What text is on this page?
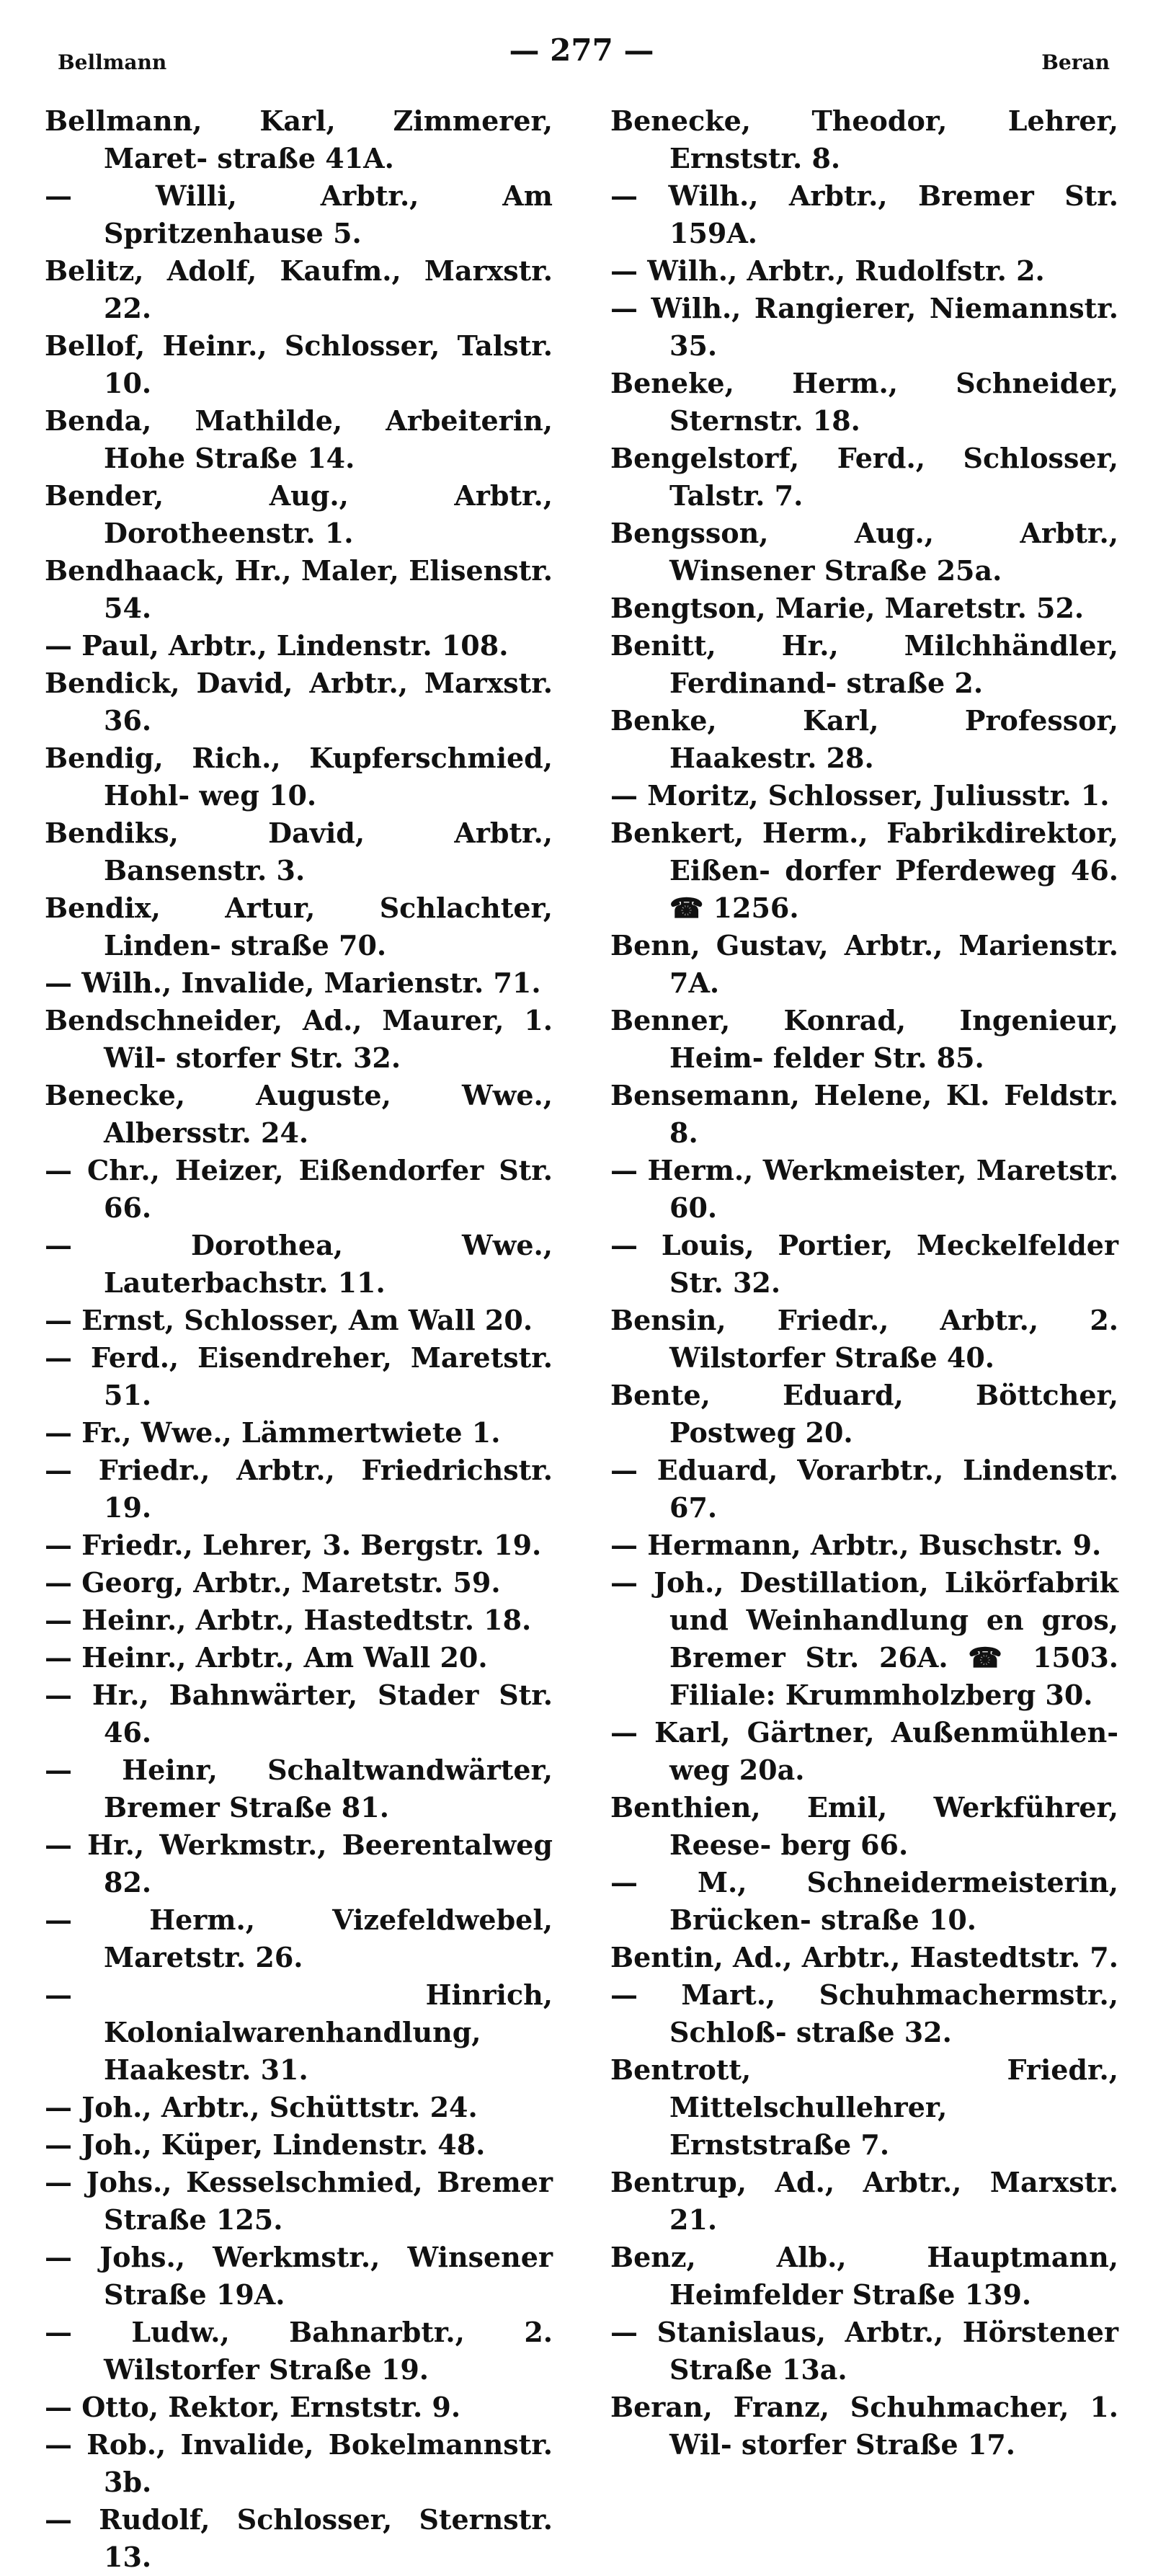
Bellmann	— 277 —	Beran

Bellmann, Karl, Zimmerer, Maret- straße 41A.

— Willi, Arbtr., Am Spritzenhause 5.

Belitz, Adolf, Kaufm., Marxstr. 22.

Bellof, Heinr., Schlosser, Talstr. 10.

Benda, Mathilde, Arbeiterin, Hohe Straße 14.

Bender, Aug., Arbtr., Dorotheenstr. 1.

Bendhaack, Hr., Maler, Elisenstr. 54.

— Paul, Arbtr., Lindenstr. 108.

Bendick, David, Arbtr., Marxstr. 36.

Bendig, Rich., Kupferschmied, Hohl- weg 10.

Bendiks, David, Arbtr., Bansenstr. 3.

Bendix, Artur, Schlachter, Linden- straße 70.

— Wilh., Invalide, Marienstr. 71.

Bendschneider, Ad., Maurer, 1. Wil- storfer Str. 32.

Benecke, Auguste, Wwe., Albersstr. 24.

— Chr., Heizer, Eißendorfer Str. 66.

— Dorothea, Wwe., Lauterbachstr. 11.

— Ernst, Schlosser, Am Wall 20.

— Ferd., Eisendreher, Maretstr. 51.

— Fr., Wwe., Lämmertwiete 1.

— Friedr., Arbtr., Friedrichstr. 19.

— Friedr., Lehrer, 3. Bergstr. 19.

— Georg, Arbtr., Maretstr. 59.

— Heinr., Arbtr., Hastedtstr. 18.

— Heinr., Arbtr., Am Wall 20.

— Hr., Bahnwärter, Stader Str. 46.

— Heinr, Schaltwandwärter, Bremer Straße 81.

— Hr., Werkmstr., Beerentalweg 82.

— Herm., Vizefeldwebel, Maretstr. 26.

— Hinrich, Kolonialwarenhandlung, Haakestr. 31.

— Joh., Arbtr., Schüttstr. 24.

— Joh., Küper, Lindenstr. 48.

— Johs., Kesselschmied, Bremer Straße 125.

— Johs., Werkmstr., Winsener Straße 19A.

— Ludw., Bahnarbtr., 2. Wilstorfer Straße 19.

— Otto, Rektor, Ernststr. 9.

— Rob., Invalide, Bokelmannstr. 3b.

— Rudolf, Schlosser, Sternstr. 13.

Benecke, Theodor, Lehrer, Ernststr. 8.

— Wilh., Arbtr., Bremer Str. 159A.

— Wilh., Arbtr., Rudolfstr. 2.

— Wilh., Rangierer, Niemannstr. 35.

Beneke, Herm., Schneider, Sternstr. 18.

Bengelstorf, Ferd., Schlosser, Talstr. 7.

Bengsson, Aug., Arbtr., Winsener Straße 25a.

Bengtson, Marie, Maretstr. 52.

Benitt, Hr., Milchhändler, Ferdinand- straße 2.

Benke, Karl, Professor, Haakestr. 28.

— Moritz, Schlosser, Juliusstr. 1.

Benkert, Herm., Fabrikdirektor, Eißen- dorfer Pferdeweg 46. ☎ 1256.

Benn, Gustav, Arbtr., Marienstr. 7A.

Benner, Konrad, Ingenieur, Heim- felder Str. 85.

Bensemann, Helene, Kl. Feldstr. 8.

— Herm., Werkmeister, Maretstr. 60.

— Louis, Portier, Meckelfelder Str. 32.

Bensin, Friedr., Arbtr., 2. Wilstorfer Straße 40.

Bente, Eduard, Böttcher, Postweg 20.

— Eduard, Vorarbtr., Lindenstr. 67.

— Hermann, Arbtr., Buschstr. 9.

— Joh., Destillation, Likörfabrik und Weinhandlung en gros, Bremer Str. 26A. ☎ 1503. Filiale: Krummholzberg 30.

— Karl, Gärtner, Außenmühlen- weg 20a.

Benthien, Emil, Werkführer, Reese- berg 66.

— M., Schneidermeisterin, Brücken- straße 10.

Bentin, Ad., Arbtr., Hastedtstr. 7.

— Mart., Schuhmachermstr., Schloß- straße 32.

Bentrott, Friedr., Mittelschullehrer, Ernststraße 7.

Bentrup, Ad., Arbtr., Marxstr. 21.

Benz, Alb., Hauptmann, Heimfelder Straße 139.

— Stanislaus, Arbtr., Hörstener Straße 13a.

Beran, Franz, Schuhmacher, 1. Wil- storfer Straße 17.
